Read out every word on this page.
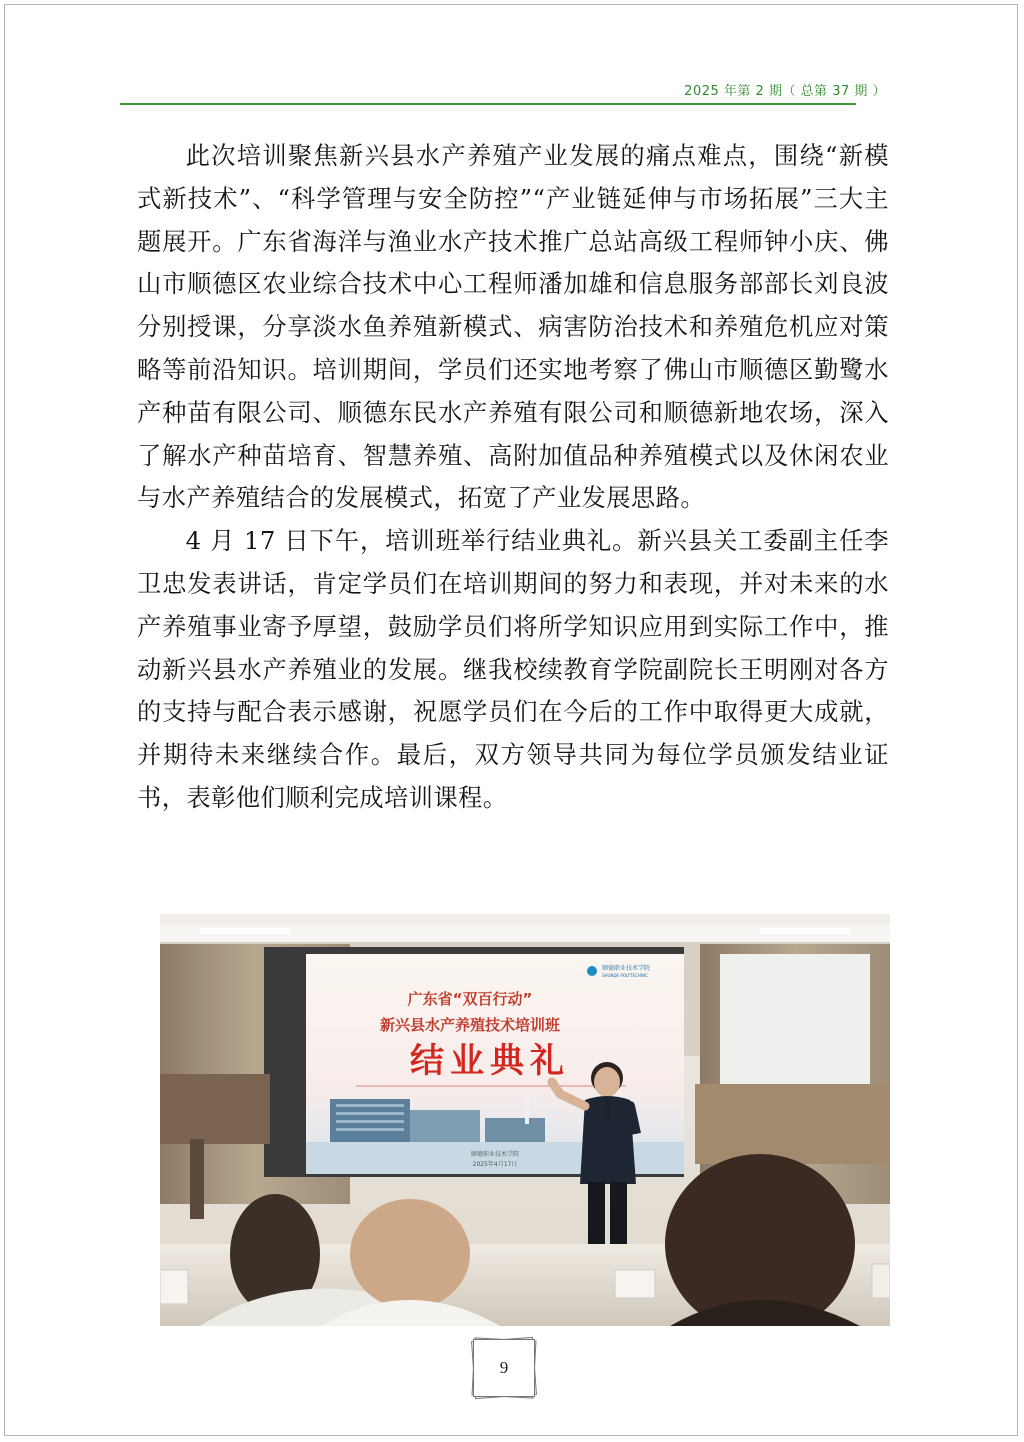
2025 年第 2 期（ 总第 37 期 ）

此次培训聚焦新兴县水产养殖产业发展的痛点难点，围绕“新模式新技术”、“科学管理与安全防控”“产业链延伸与市场拓展”三大主题展开。广东省海洋与渔业水产技术推广总站高级工程师钟小庆、佛山市顺德区农业综合技术中心工程师潘加雄和信息服务部部长刘良波分别授课，分享淡水鱼养殖新模式、病害防治技术和养殖危机应对策略等前沿知识。培训期间，学员们还实地考察了佛山市顺德区勤鹭水产种苗有限公司、顺德东民水产养殖有限公司和顺德新地农场，深入了解水产种苗培育、智慧养殖、高附加值品种养殖模式以及休闲农业与水产养殖结合的发展模式，拓宽了产业发展思路。

4 月 17 日下午，培训班举行结业典礼。新兴县关工委副主任李卫忠发表讲话，肯定学员们在培训期间的努力和表现，并对未来的水产养殖事业寄予厚望，鼓励学员们将所学知识应用到实际工作中，推动新兴县水产养殖业的发展。继我校续教育学院副院长王明刚对各方的支持与配合表示感谢，祝愿学员们在今后的工作中取得更大成就，并期待未来继续合作。最后，双方领导共同为每位学员颁发结业证书，表彰他们顺利完成培训课程。

顺德职业技术学院
SHUNDE POLYTECHNIC
广东省“双百行动”
新兴县水产养殖技术培训班
结业典礼
顺德职业技术学院
2025年4月17日
9
